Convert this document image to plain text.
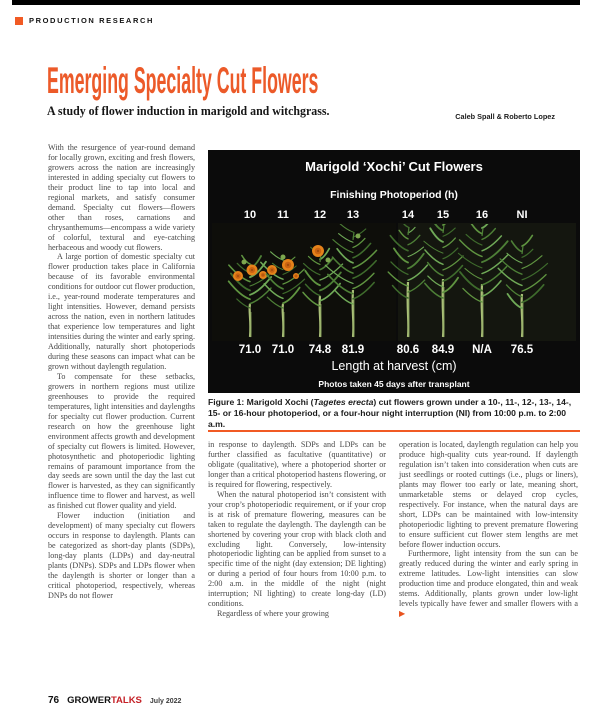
PRODUCTION RESEARCH
Emerging Specialty Cut Flowers
A study of flower induction in marigold and witchgrass.	Caleb Spall & Roberto Lopez

With the resurgence of year-round demand for locally grown, exciting and fresh flowers, growers across the nation are increasingly interested in adding specialty cut flowers to their product line to tap into local and regional markets, and satisfy consumer demand. Specialty cut flowers—flowers other than roses, carnations and chrysanthemums—encompass a wide variety of colorful, textural and eye-catching herbaceous and woody cut flowers.

A large portion of domestic specialty cut flower production takes place in California because of its favorable environmental conditions for outdoor cut flower production, i.e., year-round moderate temperatures and light intensities. However, demand persists across the nation, even in northern latitudes that experience low temperatures and light intensities during the winter and early spring. Additionally, naturally short photoperiods during these seasons can impact what can be grown without daylength regulation.

To compensate for these setbacks, growers in northern regions must utilize greenhouses to provide the required temperatures, light intensities and daylengths for specialty cut flower production. Current research on how the greenhouse light environment affects growth and development of specialty cut flowers is limited. However, photosynthetic and photoperiodic lighting remains of paramount importance from the day seeds are sown until the day the last cut flower is harvested, as they can significantly influence time to flower and harvest, as well as finished cut flower quality and yield.

Flower induction (initiation and development) of many specialty cut flowers occurs in response to daylength. Plants can be categorized as short-day plants (SDPs), long-day plants (LDPs) and day-neutral plants (DNPs). SDPs and LDPs flower when the daylength is shorter or longer than a critical photoperiod, respectively, whereas DNPs do not flower

Marigold ‘Xochi’ Cut Flowers
Finishing Photoperiod (h)
10 11 12 13	14 15 16	NI
71.0 71.0 74.8 81.9	80.6 84.9 N/A 76.5
Length at harvest (cm)
Photos taken 45 days after transplant
Figure 1: Marigold Xochi (Tagetes erecta) cut flowers grown under a 10-, 11-, 12-, 13-, 14-, 15- or 16-hour photoperiod, or a four-hour night interruption (NI) from 10:00 p.m. to 2:00 a.m.

in response to daylength. SDPs and LDPs can be further classified as facultative (quantitative) or obligate (qualitative), where a photoperiod shorter or longer than a critical photoperiod hastens flowering, or is required for flowering, respectively.

When the natural photoperiod isn’t consistent with your crop’s photoperiodic requirement, or if your crop is at risk of premature flowering, measures can be taken to regulate the daylength. The daylength can be shortened by covering your crop with black cloth and excluding light. Conversely, low-intensity photoperiodic lighting can be applied from sunset to a specific time of the night (day extension; DE lighting) or during a period of four hours from 10:00 p.m. to 2:00 a.m. in the middle of the night (night interruption; NI lighting) to create long-day (LD) conditions.

Regardless of where your growing

operation is located, daylength regulation can help you produce high-quality cuts year-round. If daylength regulation isn’t taken into consideration when cuts are just seedlings or rooted cuttings (i.e., plugs or liners), plants may flower too early or late, meaning short, unmarketable stems or delayed crop cycles, respectively. For instance, when the natural days are short, LDPs can be maintained with low-intensity photoperiodic lighting to prevent premature flowering to ensure sufficient cut flower stem lengths are met before flower induction occurs.

Furthermore, light intensity from the sun can be greatly reduced during the winter and early spring in extreme latitudes. Low-light intensities can slow production time and produce elongated, thin and weak stems. Additionally, plants grown under low-light levels typically have fewer and smaller flowers with a ▶

76 GROWERTALKS July 2022
